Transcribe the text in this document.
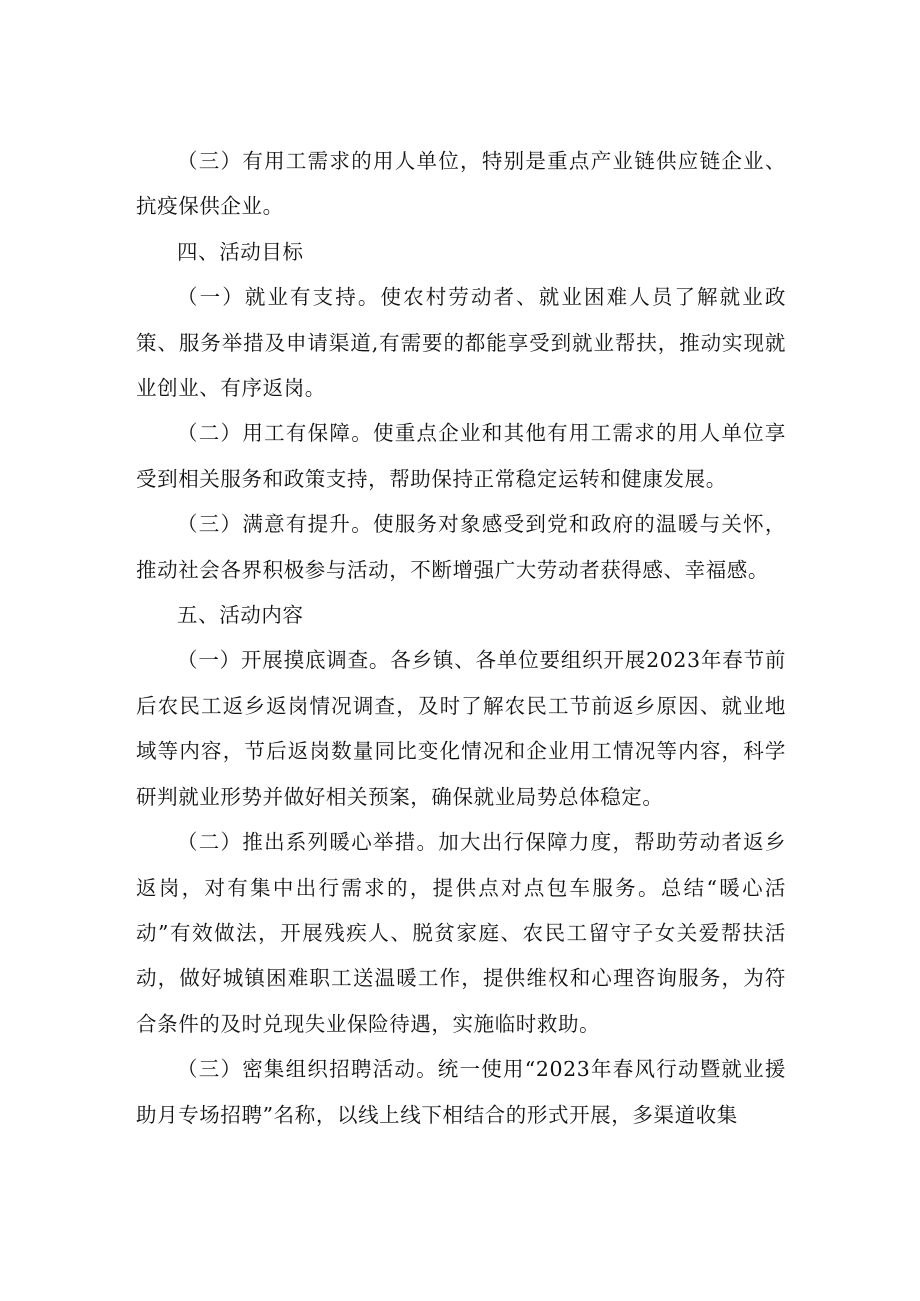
（三）有用工需求的用人单位，特别是重点产业链供应链企业、抗疫保供企业。

四、活动目标

（一）就业有支持。使农村劳动者、就业困难人员了解就业政策、服务举措及申请渠道,有需要的都能享受到就业帮扶，推动实现就业创业、有序返岗。

（二）用工有保障。使重点企业和其他有用工需求的用人单位享受到相关服务和政策支持，帮助保持正常稳定运转和健康发展。

（三）满意有提升。使服务对象感受到党和政府的温暖与关怀，推动社会各界积极参与活动，不断增强广大劳动者获得感、幸福感。

五、活动内容

（一）开展摸底调查。各乡镇、各单位要组织开展2023年春节前后农民工返乡返岗情况调查，及时了解农民工节前返乡原因、就业地域等内容，节后返岗数量同比变化情况和企业用工情况等内容，科学研判就业形势并做好相关预案，确保就业局势总体稳定。

（二）推出系列暖心举措。加大出行保障力度，帮助劳动者返乡返岗，对有集中出行需求的，提供点对点包车服务。总结“暖心活动”有效做法，开展残疾人、脱贫家庭、农民工留守子女关爱帮扶活动，做好城镇困难职工送温暖工作，提供维权和心理咨询服务，为符合条件的及时兑现失业保险待遇，实施临时救助。

（三）密集组织招聘活动。统一使用“2023年春风行动暨就业援助月专场招聘”名称，以线上线下相结合的形式开展，多渠道收集
